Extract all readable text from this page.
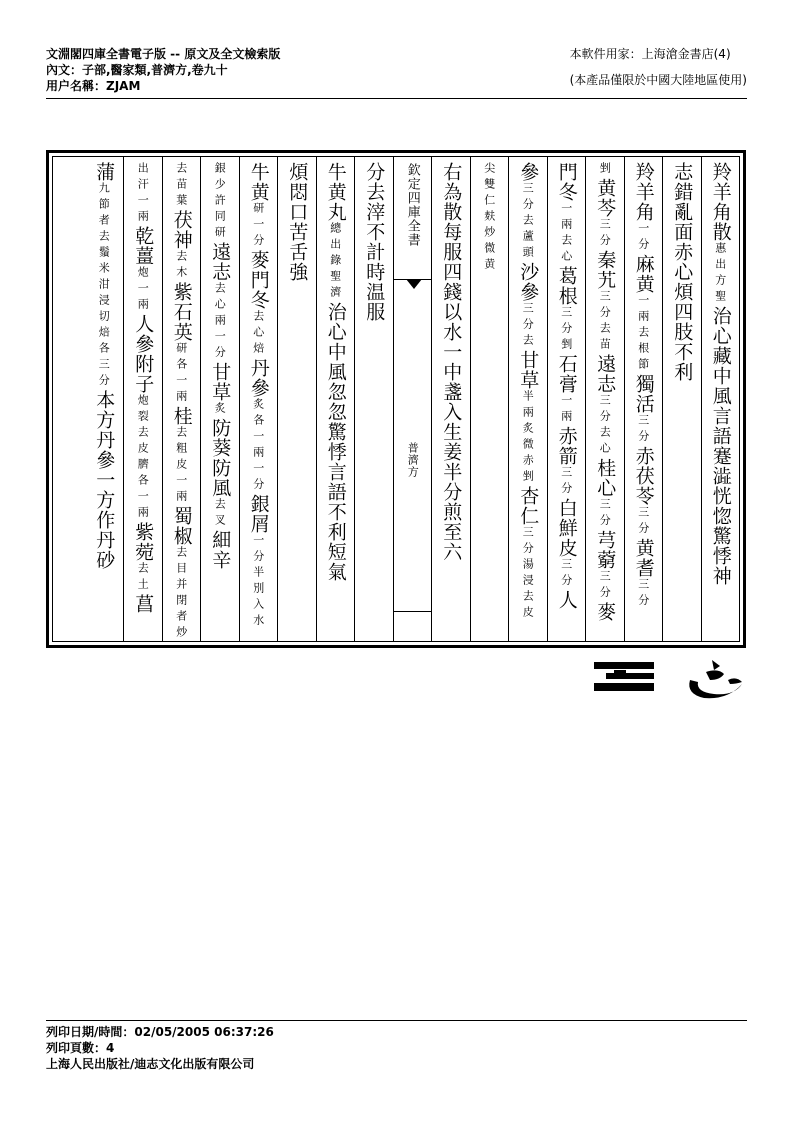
文淵閣四庫全書電子版 -- 原文及全文檢索版
內文：子部,醫家類,普濟方,卷九十
用户名稱：ZJAM
本軟件用家：上海滄金書店(4)
(本產品僅限於中國大陸地區使用)
羚羊角散
惠出方聖
治心藏中風言語蹇澁恍惚驚悸神
志錯亂面赤心煩四肢不利
羚羊角
一分
麻黄
一兩去根節
獨活
三分
赤茯苓
三分
黄耆
三分
剉
黄芩
三分
秦艽
三分去苗
遠志
三分去心
桂心
三分
芎藭
三分
麥
門冬
一兩去心
葛根
三分剉
石膏
一兩
赤箭
三分
白鮮皮
三分
人
參
三分去蘆頭
沙參
三分去
甘草
半兩炙微赤剉
杏仁
三分湯浸去皮
尖雙仁麸炒微黄
右為散每服四錢以水一中盞入生姜半分煎至六
欽定四庫全書
普濟方
分去滓不計時温服
牛黄丸
總出錄聖濟
治心中風忽忽驚悸言語不利短氣
煩悶口苦舌強
牛黄
研一分
麥門冬
去心焙
丹參
炙各一兩一分
銀屑
一分半別入水
銀少許同研
遠志
去心兩一分
甘草
炙
防葵
防風
去叉
細辛
去苗葉
茯神
去木
紫石英
研各一兩
桂
去粗皮一兩
蜀椒
去目并閉者炒
出汗一兩
乾薑
炮一兩
人參
附子
炮裂去皮臍各一兩
紫菀
去土
菖
蒲
九節者去鬚米泔浸切焙各三分
本方丹參一方作丹砂
列印日期/時間：02/05/2005 06:37:26
列印頁數：4
上海人民出版社/迪志文化出版有限公司
